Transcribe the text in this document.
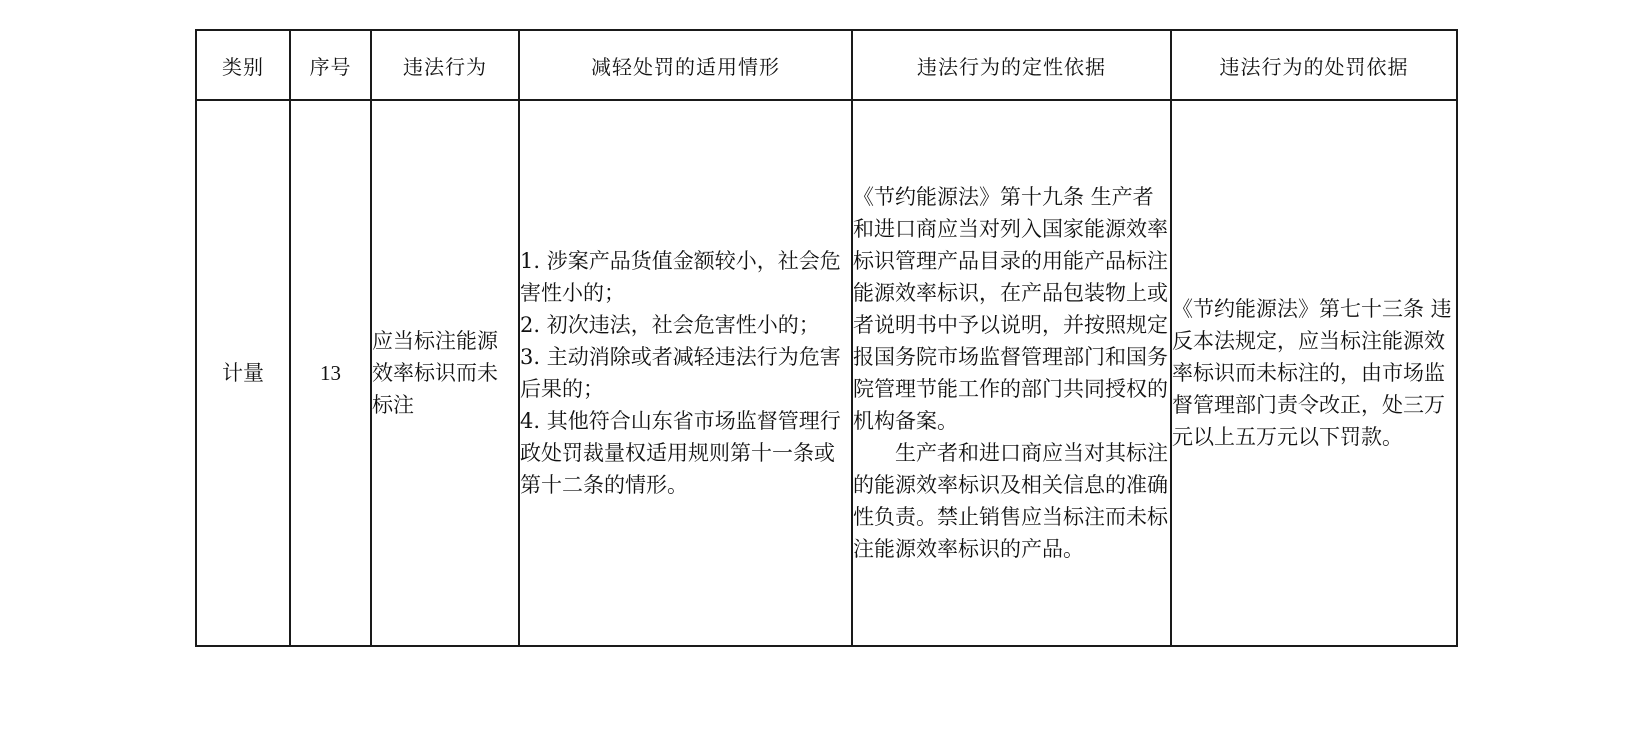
类别	序号	违法行为	减轻处罚的适用情形	违法行为的定性依据	违法行为的处罚依据
计量	13	应当标注能源效率标识而未标注	1. 涉案产品货值金额较小，社会危害性小的；
2. 初次违法，社会危害性小的；
3. 主动消除或者减轻违法行为危害后果的；
4. 其他符合山东省市场监督管理行政处罚裁量权适用规则第十一条或第十二条的情形。	《节约能源法》第十九条 生产者和进口商应当对列入国家能源效率标识管理产品目录的用能产品标注能源效率标识，在产品包装物上或者说明书中予以说明，并按照规定报国务院市场监督管理部门和国务院管理节能工作的部门共同授权的机构备案。
生产者和进口商应当对其标注的能源效率标识及相关信息的准确性负责。禁止销售应当标注而未标注能源效率标识的产品。	《节约能源法》第七十三条 违反本法规定，应当标注能源效率标识而未标注的，由市场监督管理部门责令改正，处三万元以上五万元以下罚款。
